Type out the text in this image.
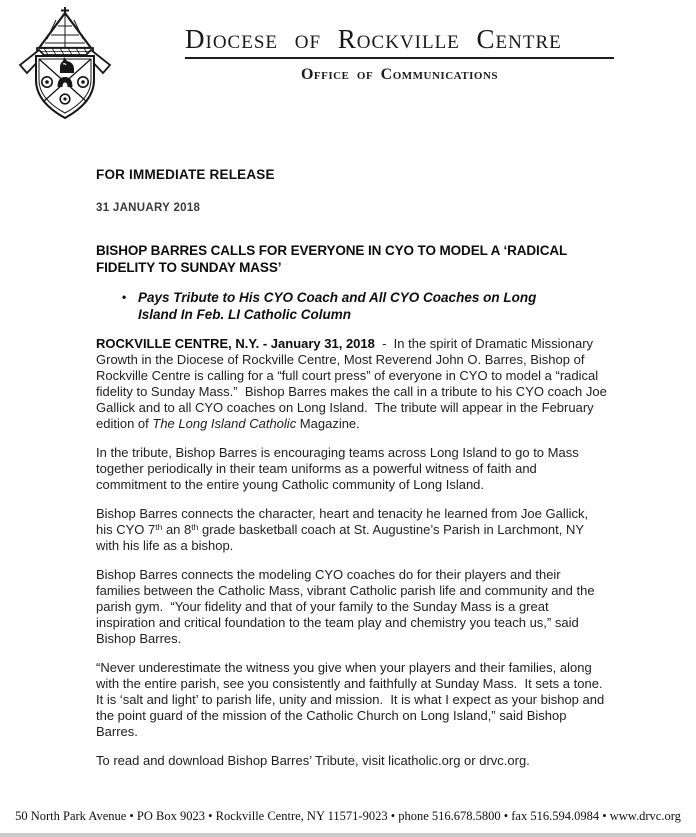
Diocese of Rockville Centre
Office of Communications
FOR IMMEDIATE RELEASE
31 JANUARY 2018
BISHOP BARRES CALLS FOR EVERYONE IN CYO TO MODEL A ‘RADICAL FIDELITY TO SUNDAY MASS’
• Pays Tribute to His CYO Coach and All CYO Coaches on Long Island In Feb. LI Catholic Column

ROCKVILLE CENTRE, N.Y. - January 31, 2018  -  In the spirit of Dramatic Missionary Growth in the Diocese of Rockville Centre, Most Reverend John O. Barres, Bishop of Rockville Centre is calling for a “full court press” of everyone in CYO to model a “radical fidelity to Sunday Mass.”  Bishop Barres makes the call in a tribute to his CYO coach Joe Gallick and to all CYO coaches on Long Island.  The tribute will appear in the February edition of The Long Island Catholic Magazine.

In the tribute, Bishop Barres is encouraging teams across Long Island to go to Mass together periodically in their team uniforms as a powerful witness of faith and commitment to the entire young Catholic community of Long Island.

Bishop Barres connects the character, heart and tenacity he learned from Joe Gallick, his CYO 7th an 8th grade basketball coach at St. Augustine’s Parish in Larchmont, NY with his life as a bishop.

Bishop Barres connects the modeling CYO coaches do for their players and their families between the Catholic Mass, vibrant Catholic parish life and community and the parish gym.  “Your fidelity and that of your family to the Sunday Mass is a great inspiration and critical foundation to the team play and chemistry you teach us,” said Bishop Barres.

“Never underestimate the witness you give when your players and their families, along with the entire parish, see you consistently and faithfully at Sunday Mass.  It sets a tone.  It is ‘salt and light’ to parish life, unity and mission.  It is what I expect as your bishop and the point guard of the mission of the Catholic Church on Long Island,” said Bishop Barres.

To read and download Bishop Barres’ Tribute, visit licatholic.org or drvc.org.

50 North Park Avenue • PO Box 9023 • Rockville Centre, NY 11571-9023 • phone 516.678.5800 • fax 516.594.0984 • www.drvc.org
